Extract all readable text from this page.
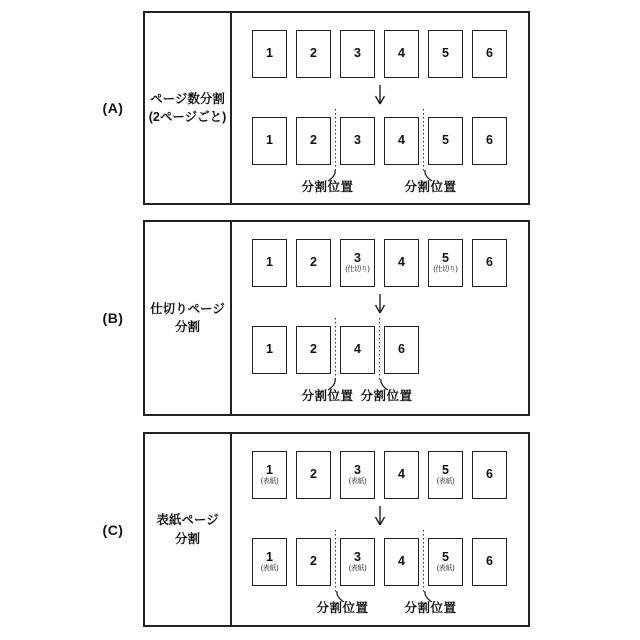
(A)
ページ数分割
(2ページごと)
1	2	3	4	5	6
1	2	3	4	5	6
分割位置	分割位置
(B)
仕切りページ
分割
1	2	3
(仕切り) 4	5
(仕切り) 6
1	2	4	6
分割位置 分割位置
(C)
表紙ページ
分割
1
(表紙)	2	3
(表紙)	4	5
(表紙)	6
1
(表紙)	2	3
(表紙)	4	5
(表紙)	6
分割位置	分割位置
